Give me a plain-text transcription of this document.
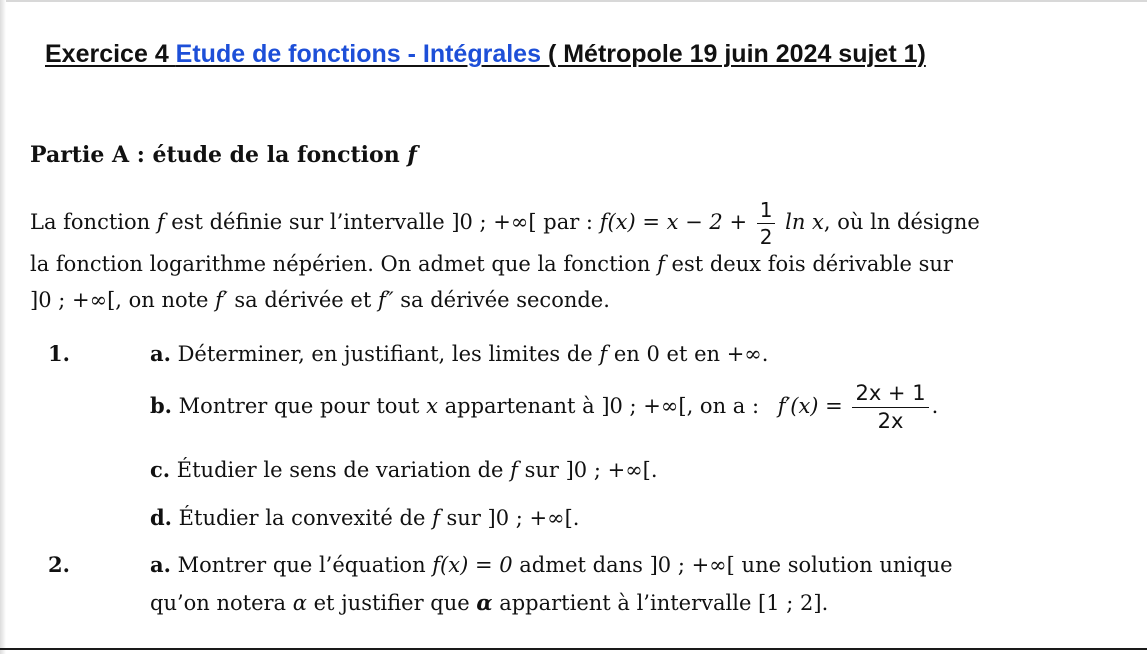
Exercice 4 Etude de fonctions - Intégrales ( Métropole 19 juin 2024 sujet 1)
Partie A : étude de la fonction f
La fonction f est définie sur l’intervalle ]0 ; +∞[ par : $f(x) = x - 2 + \frac{1}{2}$ ln x, où ln désigne
la fonction logarithme népérien. On admet que la fonction f est deux fois dérivable sur
]0 ; +∞[, on note f′ sa dérivée et f″ sa dérivée seconde.
1.	a. Déterminer, en justifiant, les limites de f en 0 et en +∞.
b. Montrer que pour tout x appartenant à ]0 ; +∞[, on a : $f'(x) = \frac{2x + 1}{2x}$ .
c. Étudier le sens de variation de f sur ]0 ; +∞[.
d. Étudier la convexité de f sur ]0 ; +∞[.
2.	a. Montrer que l’équation f(x) = 0 admet dans ]0 ; +∞[ une solution unique
qu’on notera α et justifier que α appartient à l’intervalle [1 ; 2].
